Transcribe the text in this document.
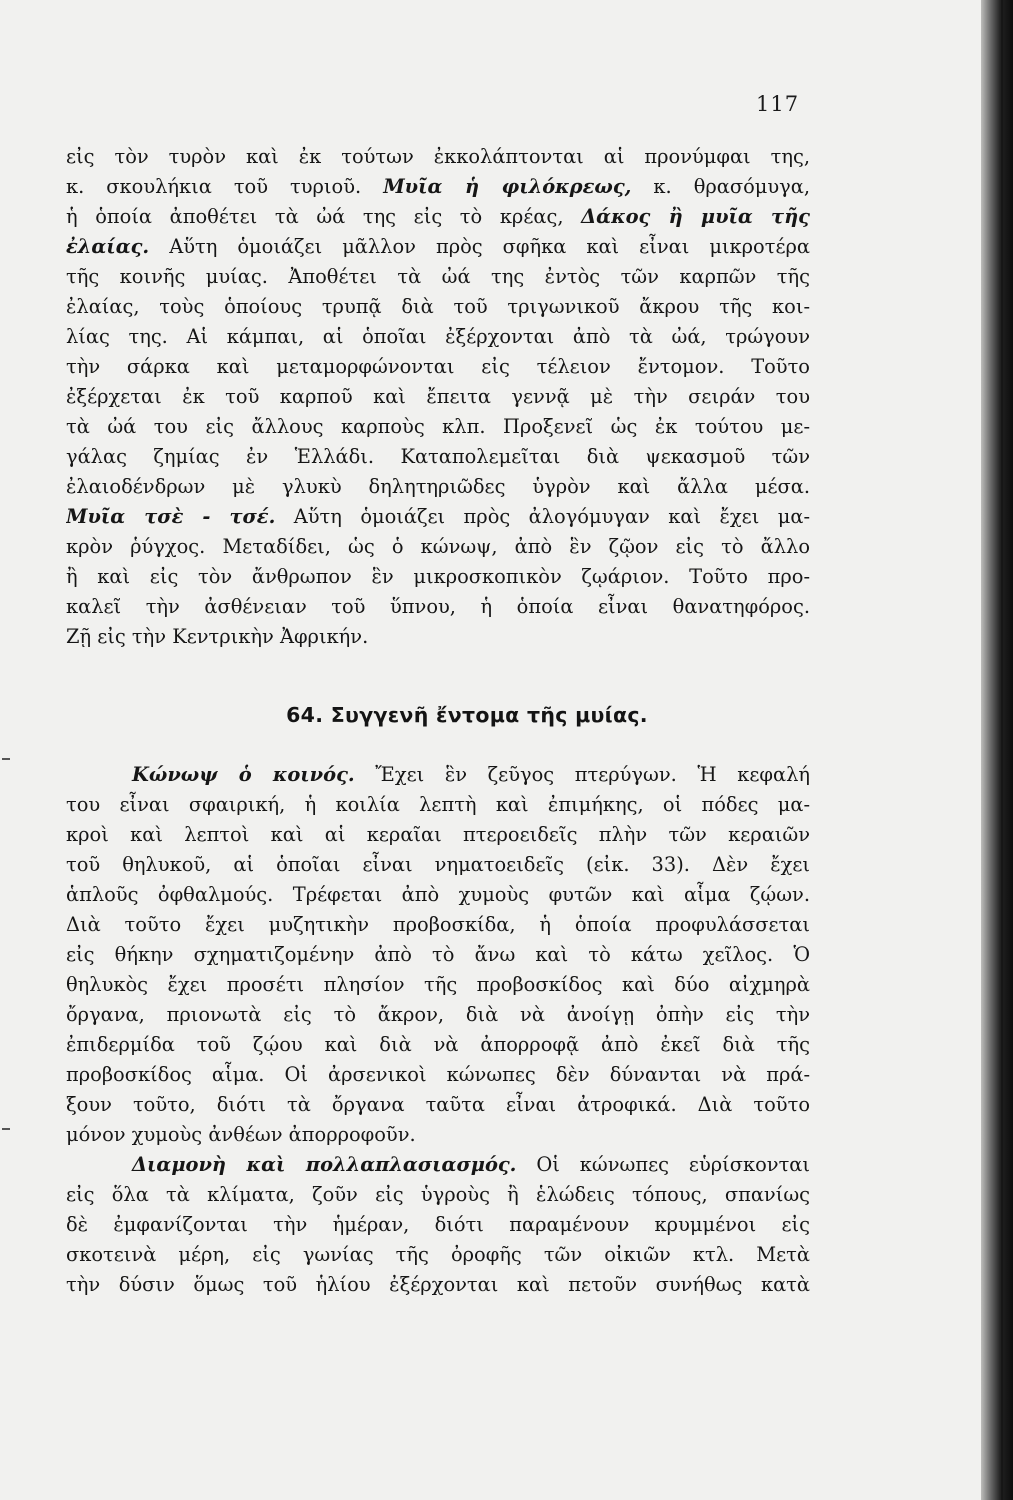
117
εἰς τὸν τυρὸν καὶ ἐκ τούτων ἐκκολάπτονται αἱ προνύμφαι της,
κ. σκουλήκια τοῦ τυριοῦ. Μυῖα ἡ φιλόκρεως, κ. θρασόμυγα,
ἡ ὁποία ἀποθέτει τὰ ὠά της εἰς τὸ κρέας, Δάκος ἢ μυῖα τῆς
ἐλαίας. Αὕτη ὁμοιάζει μᾶλλον πρὸς σφῆκα καὶ εἶναι μικροτέρα
τῆς κοινῆς μυίας. Ἀποθέτει τὰ ὠά της ἐντὸς τῶν καρπῶν τῆς
ἐλαίας, τοὺς ὁποίους τρυπᾷ διὰ τοῦ τριγωνικοῦ ἄκρου τῆς κοι-
λίας της. Αἱ κάμπαι, αἱ ὁποῖαι ἐξέρχονται ἀπὸ τὰ ὠά, τρώγουν
τὴν σάρκα καὶ μεταμορφώνονται εἰς τέλειον ἔντομον. Τοῦτο
ἐξέρχεται ἐκ τοῦ καρποῦ καὶ ἔπειτα γεννᾷ μὲ τὴν σειράν του
τὰ ὠά του εἰς ἄλλους καρποὺς κλπ. Προξενεῖ ὡς ἐκ τούτου με-
γάλας ζημίας ἐν Ἑλλάδι. Καταπολεμεῖται διὰ ψεκασμοῦ τῶν
ἐλαιοδένδρων μὲ γλυκὺ δηλητηριῶδες ὑγρὸν καὶ ἄλλα μέσα.
Μυῖα τσὲ - τσέ. Αὕτη ὁμοιάζει πρὸς ἀλογόμυγαν καὶ ἔχει μα-
κρὸν ῥύγχος. Μεταδίδει, ὡς ὁ κώνωψ, ἀπὸ ἓν ζῷον εἰς τὸ ἄλλο
ἢ καὶ εἰς τὸν ἄνθρωπον ἓν μικροσκοπικὸν ζῳάριον. Τοῦτο προ-
καλεῖ τὴν ἀσθένειαν τοῦ ὕπνου, ἡ ὁποία εἶναι θανατηφόρος.
Ζῇ εἰς τὴν Κεντρικὴν Ἀφρικήν.
64. Συγγενῆ ἔντομα τῆς μυίας.
Κώνωψ ὁ κοινός. Ἔχει ἓν ζεῦγος πτερύγων. Ἡ κεφαλή
του εἶναι σφαιρική, ἡ κοιλία λεπτὴ καὶ ἐπιμήκης, οἱ πόδες μα-
κροὶ καὶ λεπτοὶ καὶ αἱ κεραῖαι πτεροειδεῖς πλὴν τῶν κεραιῶν
τοῦ θηλυκοῦ, αἱ ὁποῖαι εἶναι νηματοειδεῖς (εἰκ. 33). Δὲν ἔχει
ἁπλοῦς ὀφθαλμούς. Τρέφεται ἀπὸ χυμοὺς φυτῶν καὶ αἷμα ζῴων.
Διὰ τοῦτο ἔχει μυζητικὴν προβοσκίδα, ἡ ὁποία προφυλάσσεται
εἰς θήκην σχηματιζομένην ἀπὸ τὸ ἄνω καὶ τὸ κάτω χεῖλος. Ὁ
θηλυκὸς ἔχει προσέτι πλησίον τῆς προβοσκίδος καὶ δύο αἰχμηρὰ
ὄργανα, πριονωτὰ εἰς τὸ ἄκρον, διὰ νὰ ἀνοίγῃ ὀπὴν εἰς τὴν
ἐπιδερμίδα τοῦ ζῴου καὶ διὰ νὰ ἀπορροφᾷ ἀπὸ ἐκεῖ διὰ τῆς
προβοσκίδος αἷμα. Οἱ ἀρσενικοὶ κώνωπες δὲν δύνανται νὰ πρά-
ξουν τοῦτο, διότι τὰ ὄργανα ταῦτα εἶναι ἀτροφικά. Διὰ τοῦτο
μόνον χυμοὺς ἀνθέων ἀπορροφοῦν.
Διαμονὴ καὶ πολλαπλασιασμός. Οἱ κώνωπες εὑρίσκονται
εἰς ὅλα τὰ κλίματα, ζοῦν εἰς ὑγροὺς ἢ ἑλώδεις τόπους, σπανίως
δὲ ἐμφανίζονται τὴν ἡμέραν, διότι παραμένουν κρυμμένοι εἰς
σκοτεινὰ μέρη, εἰς γωνίας τῆς ὀροφῆς τῶν οἰκιῶν κτλ. Μετὰ
τὴν δύσιν ὅμως τοῦ ἡλίου ἐξέρχονται καὶ πετοῦν συνήθως κατὰ
